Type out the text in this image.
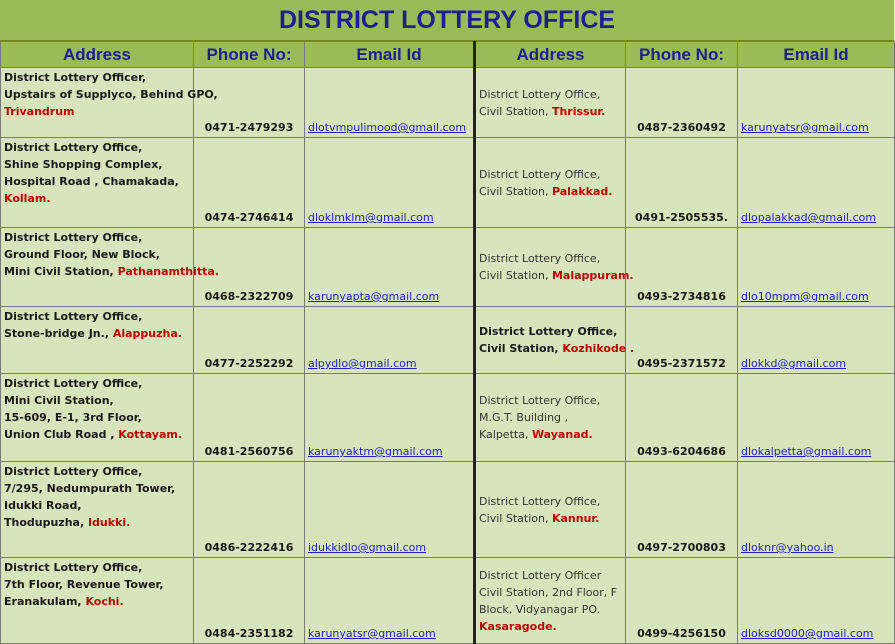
DISTRICT LOTTERY OFFICE
Address	Phone No:	Email Id	Address	Phone No:	Email Id

District Lottery Officer,
Upstairs of Supplyco, Behind GPO,
Trivandrum	0471-2479293	dlotvmpulimood@gmail.com	District Lottery Office,
Civil Station, Thrissur.	0487-2360492	karunyatsr@gmail.com

District Lottery Office,
Shine Shopping Complex,
Hospital Road , Chamakada,
Kollam.	0474-2746414	dloklmklm@gmail.com	District Lottery Office,
Civil Station, Palakkad.	0491-2505535.	dlopalakkad@gmail.com

District Lottery Office,
Ground Floor, New Block,
Mini Civil Station, Pathanamthitta.	0468-2322709	karunyapta@gmail.com	District Lottery Office,
Civil Station, Malappuram.	0493-2734816	dlo10mpm@gmail.com

District Lottery Office,
Stone-bridge Jn., Alappuzha.	0477-2252292	alpydlo@gmail.com	District Lottery Office,
Civil Station, Kozhikode .	0495-2371572	dlokkd@gmail.com

District Lottery Office,
Mini Civil Station,
15-609, E-1, 3rd Floor,
Union Club Road , Kottayam.	0481-2560756	karunyaktm@gmail.com	District Lottery Office,
M.G.T. Building ,
Kalpetta, Wayanad.	0493-6204686	dlokalpetta@gmail.com

District Lottery Office,
7/295, Nedumpurath Tower,
Idukki Road,
Thodupuzha, Idukki.	0486-2222416	idukkidlo@gmail.com	District Lottery Office,
Civil Station, Kannur.	0497-2700803	dloknr@yahoo.in

District Lottery Office,
7th Floor, Revenue Tower,
Eranakulam, Kochi.	0484-2351182	karunyatsr@gmail.com	District Lottery Officer
Civil Station, 2nd Floor, F
Block, Vidyanagar PO.
Kasaragode.	0499-4256150	dloksd0000@gmail.com
